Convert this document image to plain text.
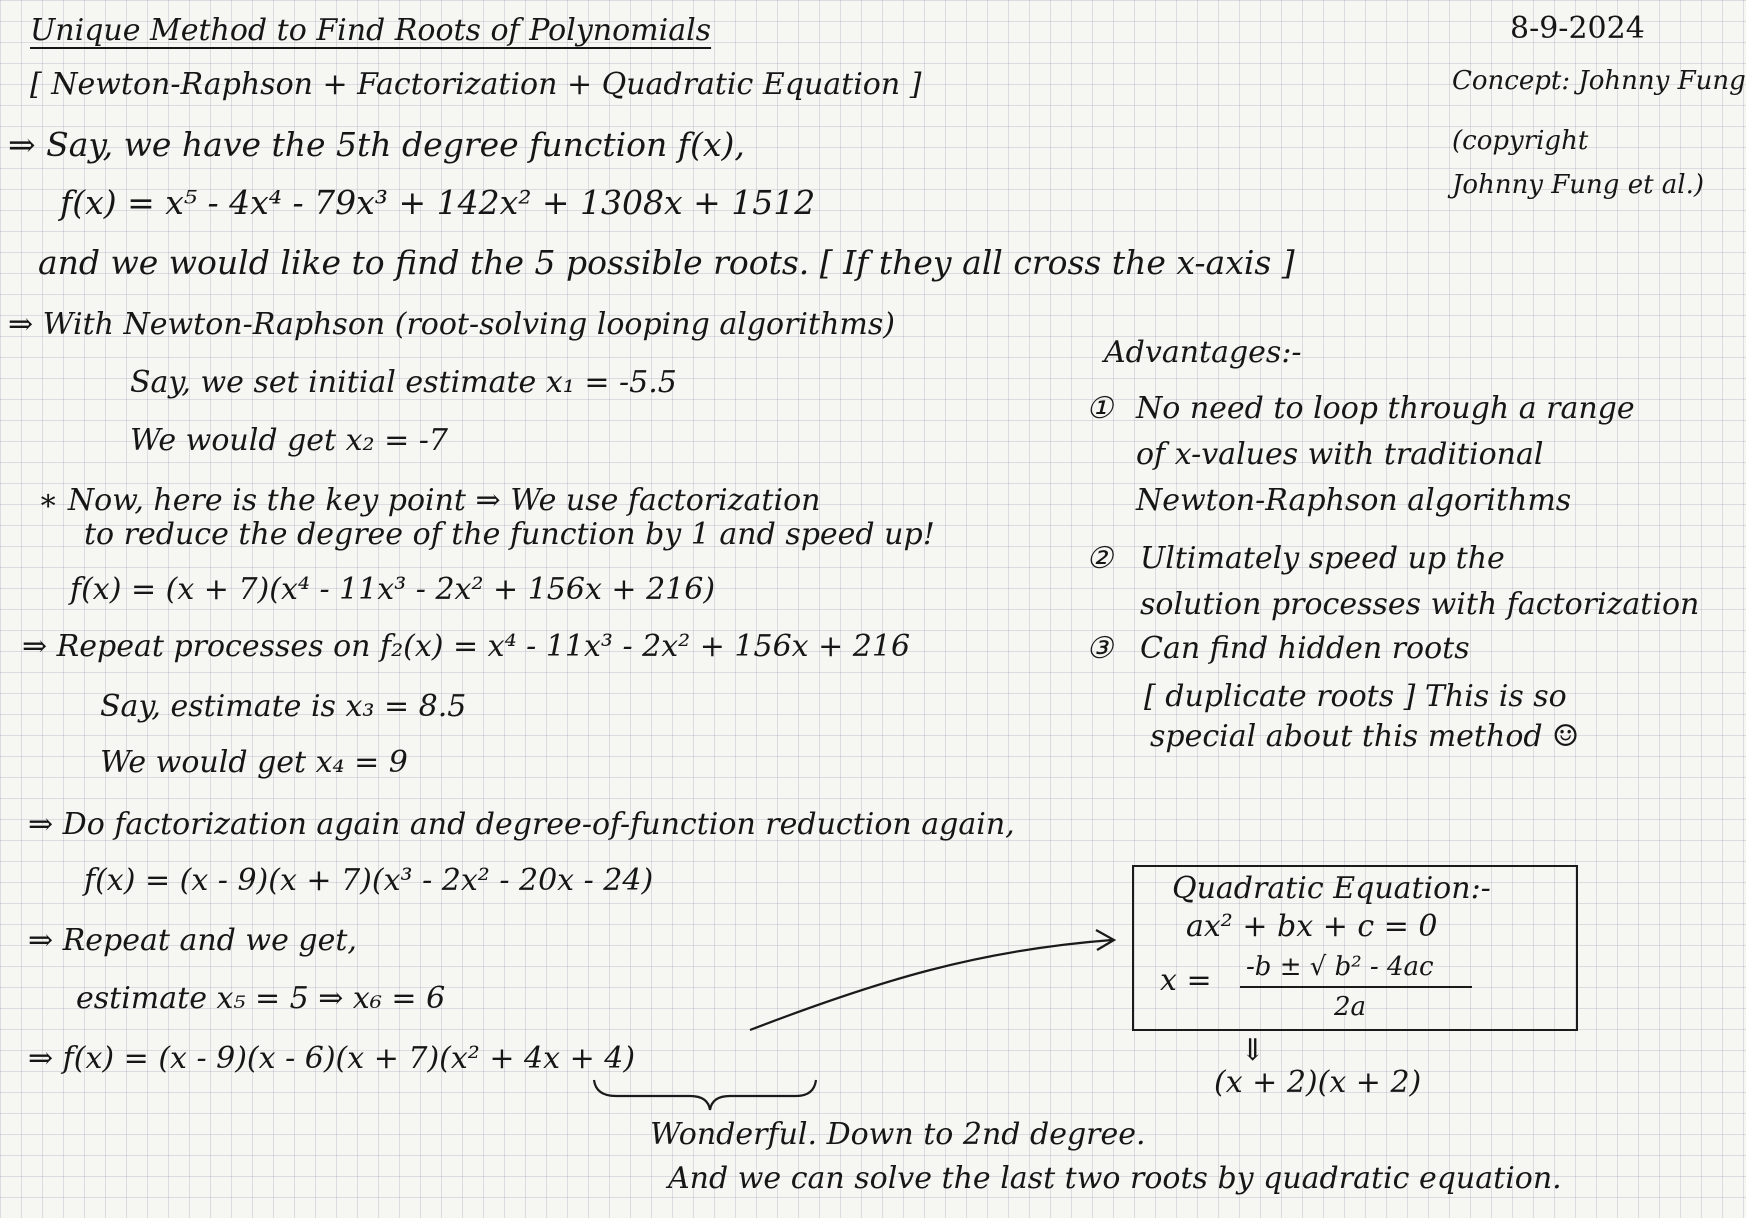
Unique Method to Find Roots of Polynomials
[ Newton-Raphson + Factorization + Quadratic Equation ]
8-9-2024
Concept: Johnny Fung
(copyright
Johnny Fung et al.)
⇒ Say, we have the 5th degree function f(x),
f(x) = x⁵ - 4x⁴ - 79x³ + 142x² + 1308x + 1512
and we would like to find the 5 possible roots. [ If they all cross the x-axis ]
⇒ With Newton-Raphson (root-solving looping algorithms)
Say, we set initial estimate x₁ = -5.5
We would get x₂ = -7
∗ Now, here is the key point ⇒ We use factorization
to reduce the degree of the function by 1 and speed up!
f(x) = (x + 7)(x⁴ - 11x³ - 2x² + 156x + 216)
⇒ Repeat processes on f₂(x) = x⁴ - 11x³ - 2x² + 156x + 216
Say, estimate is x₃ = 8.5
We would get x₄ = 9
⇒ Do factorization again and degree-of-function reduction again,
f(x) = (x - 9)(x + 7)(x³ - 2x² - 20x - 24)
⇒ Repeat and we get,
estimate x₅ = 5 ⇒ x₆ = 6
⇒ f(x) = (x - 9)(x - 6)(x + 7)(x² + 4x + 4)
Wonderful. Down to 2nd degree.
And we can solve the last two roots by quadratic equation.
Advantages:-
① No need to loop through a range
of x-values with traditional
Newton-Raphson algorithms
② Ultimately speed up the
solution processes with factorization
③ Can find hidden roots
[ duplicate roots ] This is so
special about this method ☺
Quadratic Equation:-
ax² + bx + c = 0
x = -b ± √ b² - 4ac
2a
⇓
(x + 2)(x + 2)
